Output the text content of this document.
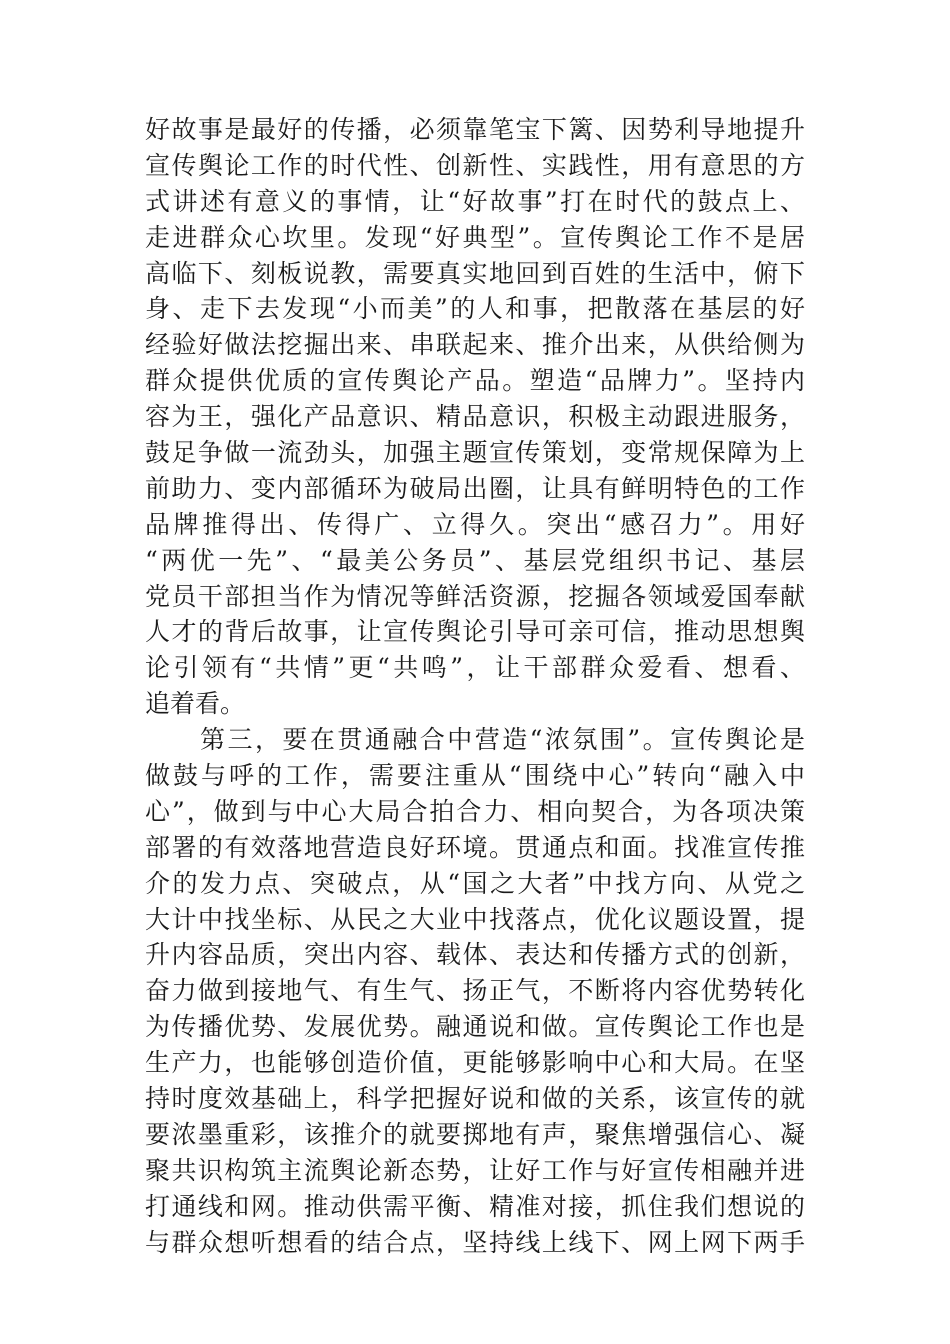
好故事是最好的传播，必须靠笔宝下篱、因势利导地提升
宣传舆论工作的时代性、创新性、实践性，用有意思的方
式讲述有意义的事情，让“好故事”打在时代的鼓点上、
走进群众心坎里。发现“好典型”。宣传舆论工作不是居
高临下、刻板说教，需要真实地回到百姓的生活中，俯下
身、走下去发现“小而美”的人和事，把散落在基层的好
经验好做法挖掘出来、串联起来、推介出来，从供给侧为
群众提供优质的宣传舆论产品。塑造“品牌力”。坚持内
容为王，强化产品意识、精品意识，积极主动跟进服务，
鼓足争做一流劲头，加强主题宣传策划，变常规保障为上
前助力、变内部循环为破局出圈，让具有鲜明特色的工作
品牌推得出、传得广、立得久。突出“感召力”。用好
“两优一先”、“最美公务员”、基层党组织书记、基层
党员干部担当作为情况等鲜活资源，挖掘各领域爱国奉献
人才的背后故事，让宣传舆论引导可亲可信，推动思想舆
论引领有“共情”更“共鸣”，让干部群众爱看、想看、
追着看。
第三，要在贯通融合中营造“浓氛围”。宣传舆论是
做鼓与呼的工作，需要注重从“围绕中心”转向“融入中
心”，做到与中心大局合拍合力、相向契合，为各项决策
部署的有效落地营造良好环境。贯通点和面。找准宣传推
介的发力点、突破点，从“国之大者”中找方向、从党之
大计中找坐标、从民之大业中找落点，优化议题设置，提
升内容品质，突出内容、载体、表达和传播方式的创新，
奋力做到接地气、有生气、扬正气，不断将内容优势转化
为传播优势、发展优势。融通说和做。宣传舆论工作也是
生产力，也能够创造价值，更能够影响中心和大局。在坚
持时度效基础上，科学把握好说和做的关系，该宣传的就
要浓墨重彩，该推介的就要掷地有声，聚焦增强信心、凝
聚共识构筑主流舆论新态势，让好工作与好宣传相融并进
打通线和网。推动供需平衡、精准对接，抓住我们想说的
与群众想听想看的结合点，坚持线上线下、网上网下两手
